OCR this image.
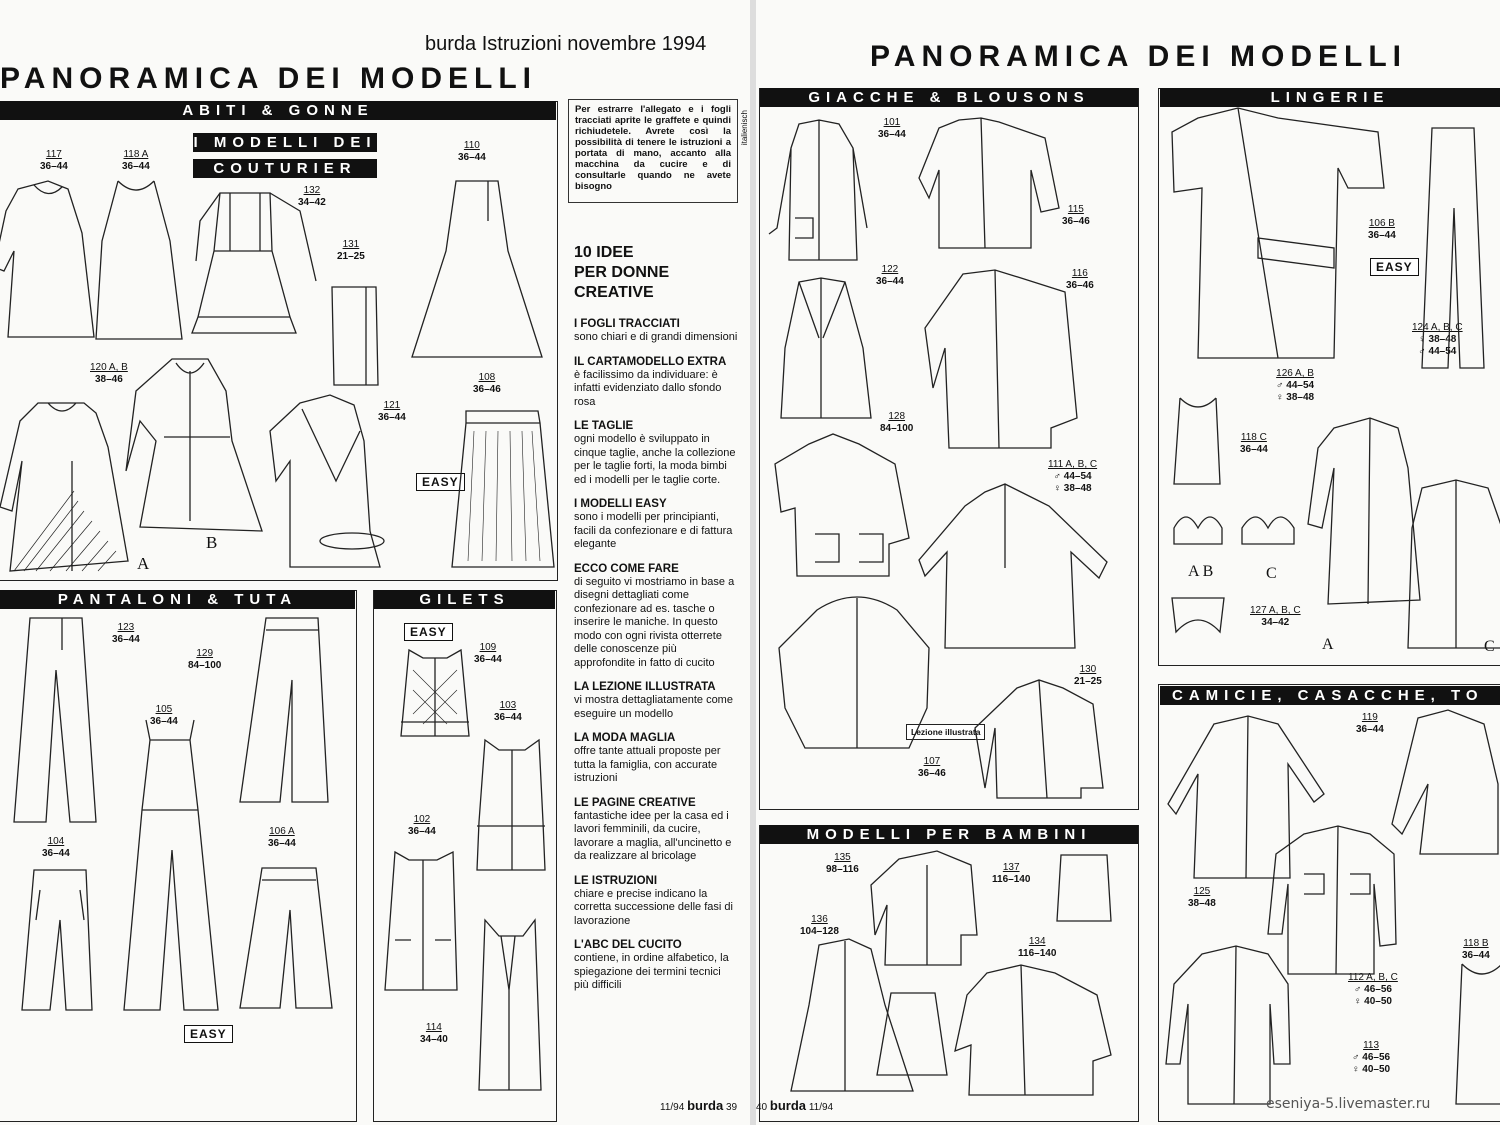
burda Istruzioni novembre 1994
PANORAMICA DEI MODELLI
ABITI & GONNE
I MODELLI DEI
COUTURIER
117
36–44
118 A
36–44
132
34–42
131
21–25
110
36–44
120 A, B
38–46
121
36–44
108
36–46
EASY
A
B
PANTALONI & TUTA
123
36–44
129
84–100
105
36–44
104
36–44
106 A
36–44
EASY
GILETS
EASY
109
36–44
103
36–44
102
36–44
114
34–40
Per estrarre l'allegato e i fogli tracciati aprite le graffete e quindi richiudetele. Avrete così la possibilità di tenere le istruzioni a portata di mano, accanto alla macchina da cucire e di consultarle quando ne avete bisogno
italienisch
10 IDEE
PER DONNE
CREATIVE
I FOGLI TRACCIATI

sono chiari e di grandi dimensioni

IL CARTAMODELLO EXTRA

è facilissimo da individuare: è infatti evidenziato dallo sfondo rosa

LE TAGLIE

ogni modello è sviluppato in cinque taglie, anche la collezione per le taglie forti, la moda bimbi ed i modelli per le taglie corte.

I MODELLI EASY

sono i modelli per principianti, facili da confezionare e di fattura elegante

ECCO COME FARE

di seguito vi mostriamo in base a disegni dettagliati come confezionare ad es. tasche o inserire le maniche. In questo modo con ogni rivista otterrete delle conoscenze più approfondite in fatto di cucito

LA LEZIONE ILLUSTRATA

vi mostra dettagliatamente come eseguire un modello

LA MODA MAGLIA

offre tante attuali proposte per tutta la famiglia, con accurate istruzioni

LE PAGINE CREATIVE

fantastiche idee per la casa ed i lavori femminili, da cucire, lavorare a maglia, all'uncinetto e da realizzare al bricolage

LE ISTRUZIONI

chiare e precise indicano la corretta successione delle fasi di lavorazione

L'ABC DEL CUCITO

contiene, in ordine alfabetico, la spiegazione dei termini tecnici più difficili

11/94 burda 39
PANORAMICA DEI MODELLI
GIACCHE & BLOUSONS
101
36–44
115
36–46
122
36–44
116
36–46
128
84–100
111 A, B, C
♂ 44–54
♀ 38–48
130
21–25
107
36–46
Lezione illustrata
LINGERIE
106 B
36–44
EASY
124 A, B, C
♀ 38–48
♂ 44–54
126 A, B
♂ 44–54
♀ 38–48
118 C
36–44
127 A, B, C
34–42
A B	C
A	C
MODELLI PER BAMBINI
135
98–116	137
116–140
136
104–128
134
116–140
CAMICIE, CASACCHE, TO
119
36–44
125
38–48
112 A, B, C
♂ 46–56
♀ 40–50
113
♂ 46–56
♀ 40–50
118 B
36–44
40 burda 11/94	eseniya-5.livemaster.ru
